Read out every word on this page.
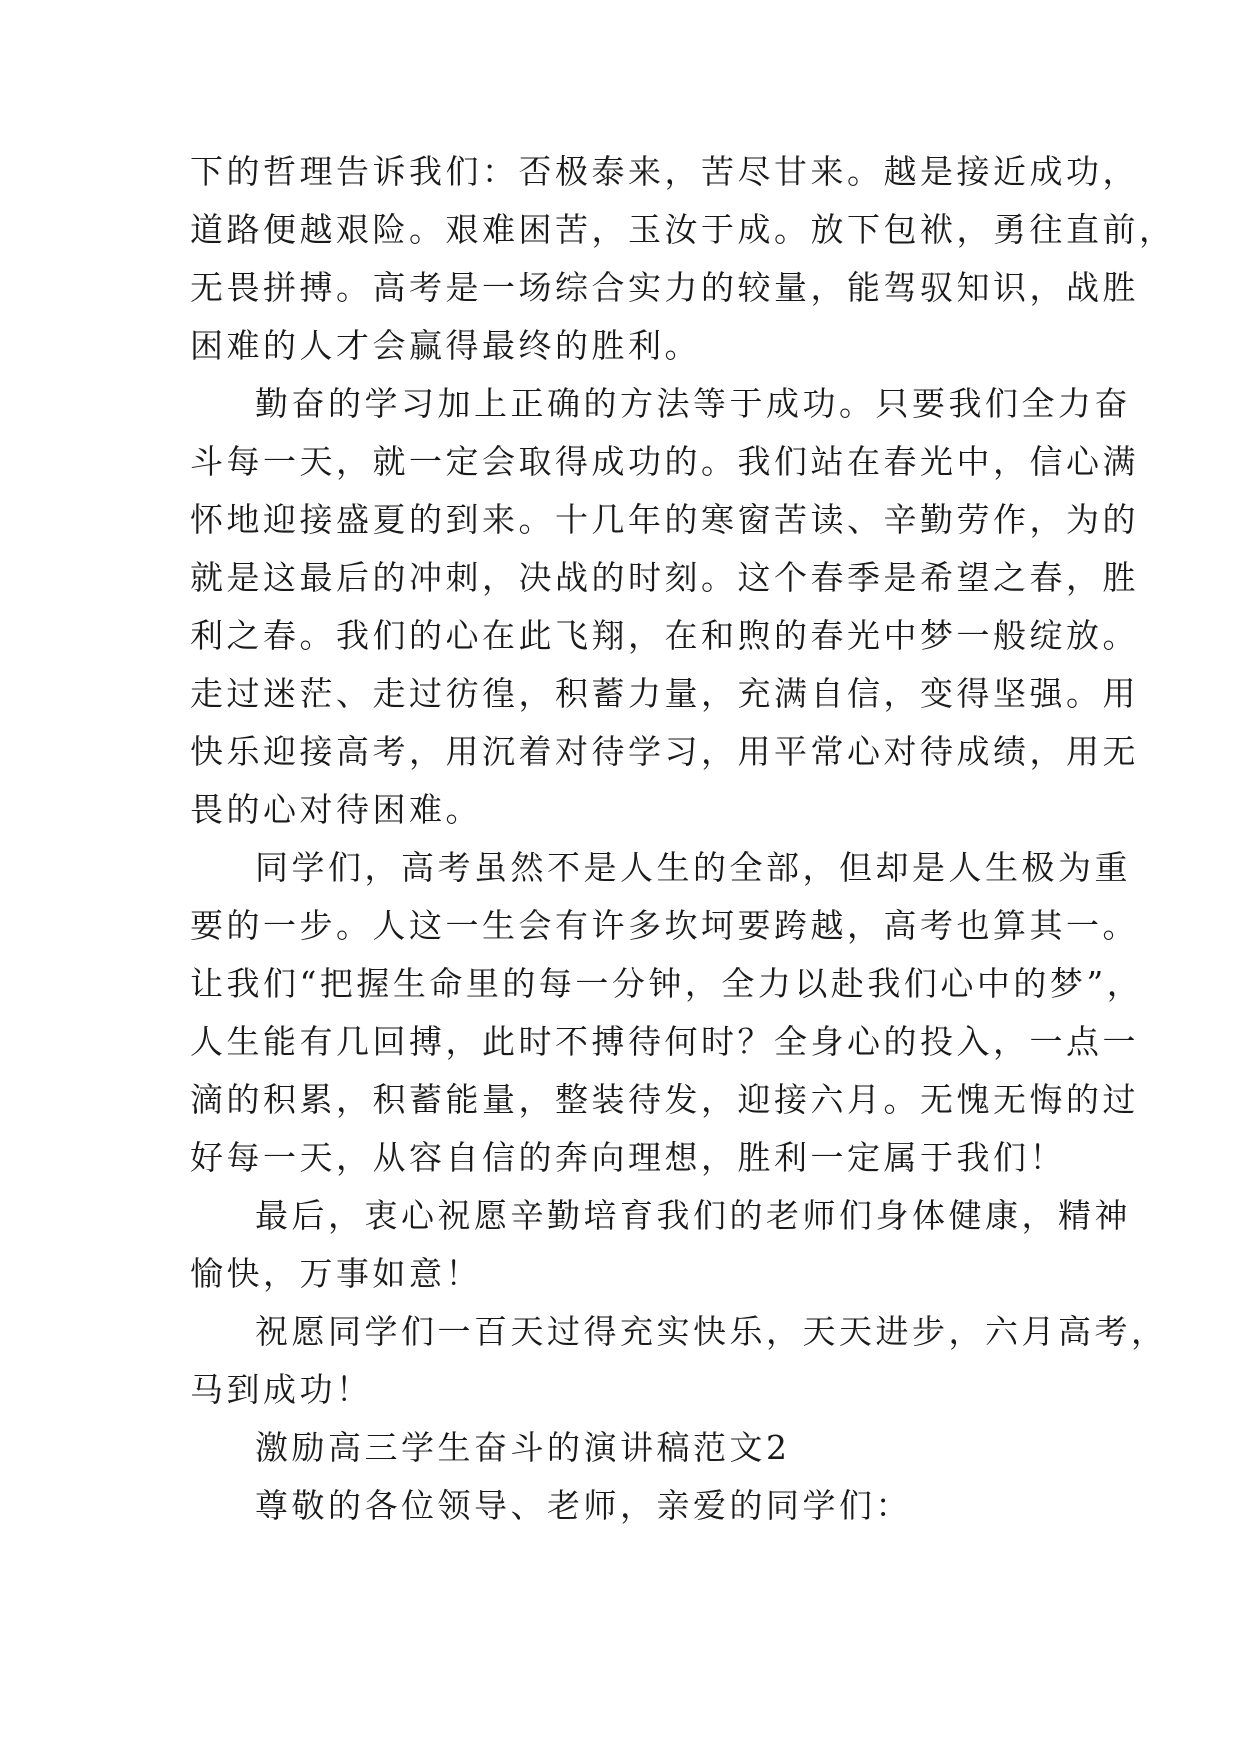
下的哲理告诉我们：否极泰来，苦尽甘来。越是接近成功，
道路便越艰险。艰难困苦，玉汝于成。放下包袱，勇往直前，
无畏拼搏。高考是一场综合实力的较量，能驾驭知识，战胜
困难的人才会赢得最终的胜利。
勤奋的学习加上正确的方法等于成功。只要我们全力奋
斗每一天，就一定会取得成功的。我们站在春光中，信心满
怀地迎接盛夏的到来。十几年的寒窗苦读、辛勤劳作，为的
就是这最后的冲刺，决战的时刻。这个春季是希望之春，胜
利之春。我们的心在此飞翔，在和煦的春光中梦一般绽放。
走过迷茫、走过彷徨，积蓄力量，充满自信，变得坚强。用
快乐迎接高考，用沉着对待学习，用平常心对待成绩，用无
畏的心对待困难。
同学们，高考虽然不是人生的全部，但却是人生极为重
要的一步。人这一生会有许多坎坷要跨越，高考也算其一。
让我们“把握生命里的每一分钟，全力以赴我们心中的梦”，
人生能有几回搏，此时不搏待何时？全身心的投入，一点一
滴的积累，积蓄能量，整装待发，迎接六月。无愧无悔的过
好每一天，从容自信的奔向理想，胜利一定属于我们！
最后，衷心祝愿辛勤培育我们的老师们身体健康，精神
愉快，万事如意！
祝愿同学们一百天过得充实快乐，天天进步，六月高考，
马到成功！
激励高三学生奋斗的演讲稿范文2
尊敬的各位领导、老师，亲爱的同学们：
